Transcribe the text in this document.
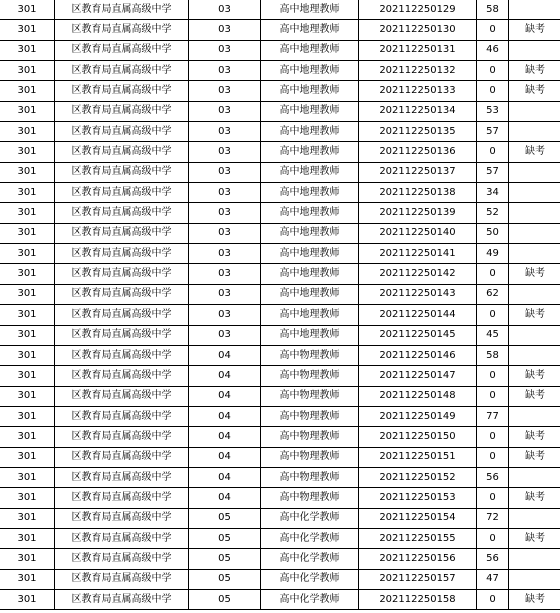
301	区教育局直属高级中学	03	高中地理教师	202112250129	58	
301	区教育局直属高级中学	03	高中地理教师	202112250130	0	缺考
301	区教育局直属高级中学	03	高中地理教师	202112250131	46	
301	区教育局直属高级中学	03	高中地理教师	202112250132	0	缺考
301	区教育局直属高级中学	03	高中地理教师	202112250133	0	缺考
301	区教育局直属高级中学	03	高中地理教师	202112250134	53	
301	区教育局直属高级中学	03	高中地理教师	202112250135	57	
301	区教育局直属高级中学	03	高中地理教师	202112250136	0	缺考
301	区教育局直属高级中学	03	高中地理教师	202112250137	57	
301	区教育局直属高级中学	03	高中地理教师	202112250138	34	
301	区教育局直属高级中学	03	高中地理教师	202112250139	52	
301	区教育局直属高级中学	03	高中地理教师	202112250140	50	
301	区教育局直属高级中学	03	高中地理教师	202112250141	49	
301	区教育局直属高级中学	03	高中地理教师	202112250142	0	缺考
301	区教育局直属高级中学	03	高中地理教师	202112250143	62	
301	区教育局直属高级中学	03	高中地理教师	202112250144	0	缺考
301	区教育局直属高级中学	03	高中地理教师	202112250145	45	
301	区教育局直属高级中学	04	高中物理教师	202112250146	58	
301	区教育局直属高级中学	04	高中物理教师	202112250147	0	缺考
301	区教育局直属高级中学	04	高中物理教师	202112250148	0	缺考
301	区教育局直属高级中学	04	高中物理教师	202112250149	77	
301	区教育局直属高级中学	04	高中物理教师	202112250150	0	缺考
301	区教育局直属高级中学	04	高中物理教师	202112250151	0	缺考
301	区教育局直属高级中学	04	高中物理教师	202112250152	56	
301	区教育局直属高级中学	04	高中物理教师	202112250153	0	缺考
301	区教育局直属高级中学	05	高中化学教师	202112250154	72	
301	区教育局直属高级中学	05	高中化学教师	202112250155	0	缺考
301	区教育局直属高级中学	05	高中化学教师	202112250156	56	
301	区教育局直属高级中学	05	高中化学教师	202112250157	47	
301	区教育局直属高级中学	05	高中化学教师	202112250158	0	缺考
